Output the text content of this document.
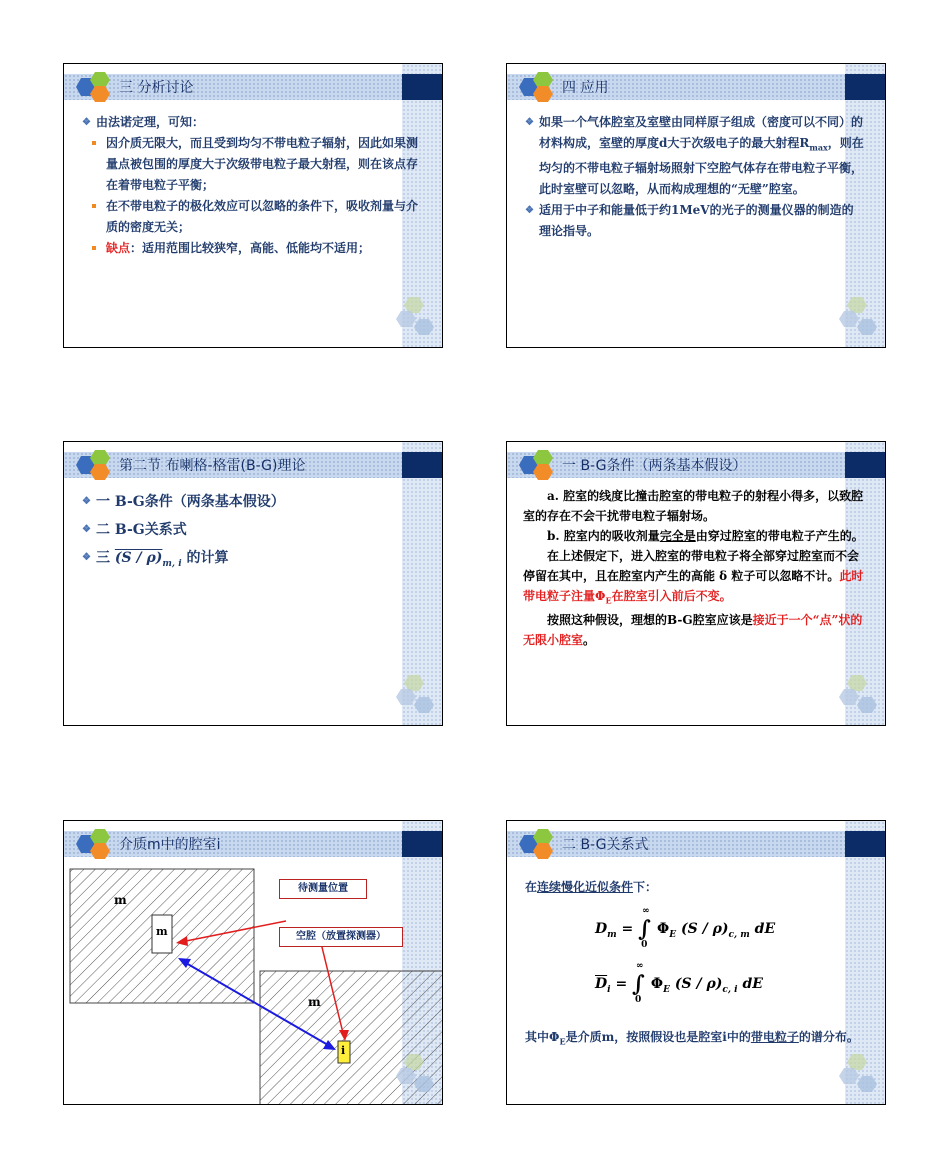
三 分析讨论
❖ 由法诺定理，可知：
因介质无限大，而且受到均匀不带电粒子辐射，因此如果测量点被包围的厚度大于次级带电粒子最大射程，则在该点存在着带电粒子平衡；
在不带电粒子的极化效应可以忽略的条件下，吸收剂量与介质的密度无关；
缺点：适用范围比较狭窄，高能、低能均不适用；
四 应用
❖ 如果一个气体腔室及室壁由同样原子组成（密度可以不同）的材料构成，室壁的厚度d大于次级电子的最大射程$R_{max}$，则在均匀的不带电粒子辐射场照射下空腔气体存在带电粒子平衡，此时室壁可以忽略，从而构成理想的“无壁”腔室。
❖ 适用于中子和能量低于约1MeV的光子的测量仪器的制造的理论指导。
第二节 布喇格-格雷(B-G)理论
❖ 一 B-G条件（两条基本假设）
❖ 二 B-G关系式
❖ 三 $(S / \rho)_{m, i}$ 的计算
一 B-G条件（两条基本假设）
a. 腔室的线度比撞击腔室的带电粒子的射程小得多，以致腔室的存在不会干扰带电粒子辐射场。
b. 腔室内的吸收剂量完全是由穿过腔室的带电粒子产生的。
在上述假定下，进入腔室的带电粒子将全部穿过腔室而不会停留在其中，且在腔室内产生的高能 δ 粒子可以忽略不计。此时带电粒子注量$\Phi_E$在腔室引入前后不变。
按照这种假设，理想的B-G腔室应该是接近于一个“点”状的无限小腔室。
介质m中的腔室i
m
m
m
i
待测量位置
空腔（放置探测器）
二 B-G关系式
在连续慢化近似条件下：
$D_m$ = ∫
∞
0
$\Phi_E$ $(S / \rho)_{c, m}$ dE
$\overline{D}_i$ = ∫
∞
0
$\Phi_E$ $(S / \rho)_{c, i}$ dE
其中$\Phi_E$是介质m，按照假设也是腔室i中的带电粒子的谱分布。
